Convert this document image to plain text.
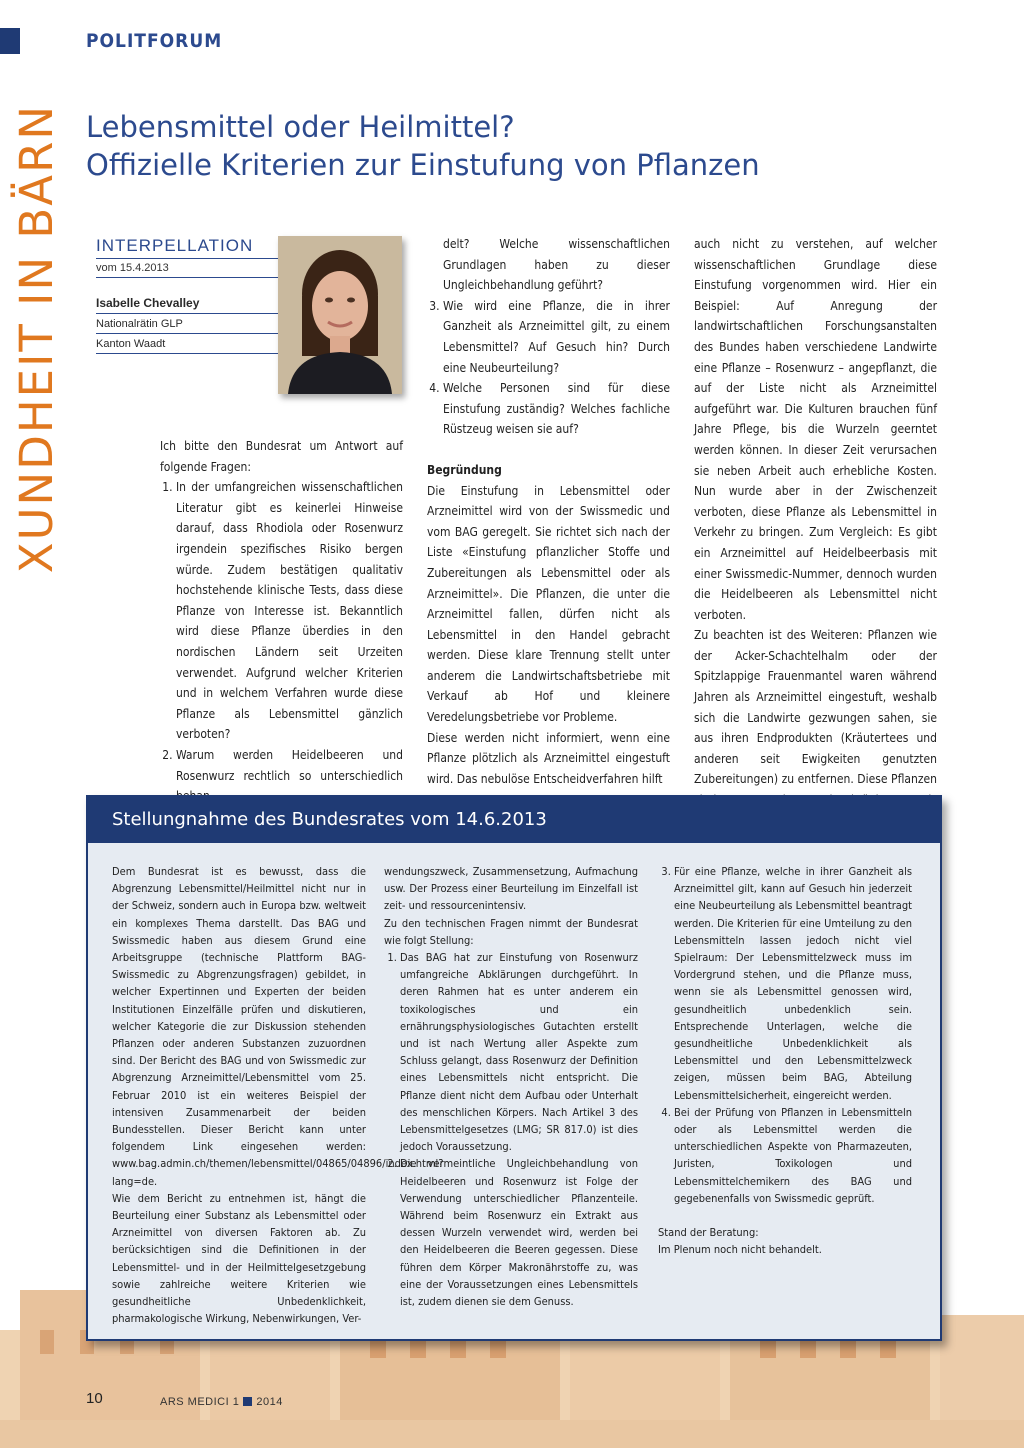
POLITFORUM
XUNDHEIT IN BÄRN Lebensmittel oder Heilmittel?
Offizielle Kriterien zur Einstufung von Pflanzen
INTERPELLATION
vom 15.4.2013
Isabelle Chevalley
Nationalrätin GLP
Kanton Waadt

Ich bitte den Bundesrat um Antwort auf folgende Fragen:

1. In der umfangreichen wissenschaftlichen Literatur gibt es keinerlei Hinweise darauf, dass Rhodiola oder Rosenwurz irgendein spezifisches Risiko bergen würde. Zudem bestätigen qualitativ hochstehende klinische Tests, dass diese Pflanze von Interesse ist. Bekanntlich wird diese Pflanze überdies in den nordischen Ländern seit Urzeiten verwendet. Aufgrund welcher Kriterien und in welchem Verfahren wurde diese Pflanze als Lebensmittel gänzlich verboten?
2. Warum werden Heidelbeeren und Rosenwurz rechtlich so unterschiedlich

delt? Welche wissenschaftlichen Grundlagen haben zu dieser Ungleichbehandlung geführt?

3. Wie wird eine Pflanze, die in ihrer Ganzheit als Arzneimittel gilt, zu einem Lebensmittel? Auf Gesuch hin? Durch eine Neubeurteilung?
4. Welche Personen sind für diese Einstufung zuständig? Welches fachliche Rüstzeug weisen sie auf?

Begründung

Die Einstufung in Lebensmittel oder Arzneimittel wird von der Swissmedic und vom BAG geregelt. Sie richtet sich nach der Liste «Einstufung pflanzlicher Stoffe und Zubereitungen als Lebensmittel oder als Arzneimittel». Die Pflanzen, die unter die Arzneimittel fallen, dürfen nicht als Lebensmittel in den Handel gebracht werden. Diese klare Trennung stellt unter anderem die Landwirtschaftsbetriebe mit Verkauf ab Hof und kleinere Veredelungsbetriebe vor Probleme.

Diese werden nicht informiert, wenn eine Pflanze plötzlich als Arzneimittel eingestuft wird. Das nebulöse Entscheidverfahren hilft

auch nicht zu verstehen, auf welcher wissenschaftlichen Grundlage diese Einstufung vorgenommen wird. Hier ein Beispiel: Auf Anregung der landwirtschaftlichen Forschungsanstalten des Bundes haben verschiedene Landwirte eine Pflanze – Rosenwurz – angepflanzt, die auf der Liste nicht als Arzneimittel aufgeführt war. Die Kulturen brauchen fünf Jahre Pflege, bis die Wurzeln geerntet werden können. In dieser Zeit verursachen sie neben Arbeit auch erhebliche Kosten. Nun wurde aber in der Zwischenzeit verboten, diese Pflanze als Lebensmittel in Verkehr zu bringen. Zum Vergleich: Es gibt ein Arzneimittel auf Heidelbeerbasis mit einer Swissmedic-Nummer, dennoch wurden die Heidelbeeren als Lebensmittel nicht verboten.

Zu beachten ist des Weiteren: Pflanzen wie der Acker-Schachtelhalm oder der Spitzlappige Frauenmantel waren während Jahren als Arzneimittel eingestuft, weshalb sich die Landwirte gezwungen sahen, sie aus ihren Endprodukten (Kräutertees und anderen seit Ewigkeiten genutzten Zubereitungen) zu entfernen. Diese Pflanzen

Stellungnahme des Bundesrates vom 14.6.2013

Dem Bundesrat ist es bewusst, dass die Abgrenzung Lebensmittel/Heilmittel nicht nur in der Schweiz, sondern auch in Europa bzw. weltweit ein komplexes Thema darstellt. Das BAG und Swissmedic haben aus diesem Grund eine Arbeitsgruppe (technische Plattform BAG-Swissmedic zu Abgrenzungsfragen) gebildet, in welcher Expertinnen und Experten der beiden Institutionen Einzelfälle prüfen und diskutieren, welcher Kategorie die zur Diskussion stehenden Pflanzen oder anderen Substanzen zuzuordnen sind. Der Bericht des BAG und von Swissmedic zur Abgrenzung Arzneimittel/Lebensmittel vom 25. Februar 2010 ist ein weiteres Beispiel der intensiven Zusammenarbeit der beiden Bundesstellen. Dieser Bericht kann unter folgendem Link eingesehen werden: www.bag.admin.ch/themen/lebensmittel/04865/04896/index.html?lang=de.

Wie dem Bericht zu entnehmen ist, hängt die Beurteilung einer Substanz als Lebensmittel oder Arzneimittel von diversen Faktoren ab. Zu berücksichtigen sind die Definitionen in der Lebensmittel- und in der Heilmittelgesetzgebung sowie zahlreiche weitere Kriterien wie gesundheitliche Unbedenklichkeit, pharmakologische Wirkung, Nebenwirkungen, Ver-

wendungszweck, Zusammensetzung, Aufmachung usw. Der Prozess einer Beurteilung im Einzelfall ist zeit- und ressourcenintensiv.

Zu den technischen Fragen nimmt der Bundesrat wie folgt Stellung:

1. Das BAG hat zur Einstufung von Rosenwurz umfangreiche Abklärungen durchgeführt. In deren Rahmen hat es unter anderem ein toxikologisches und ein ernährungsphysiologisches Gutachten erstellt und ist nach Wertung aller Aspekte zum Schluss gelangt, dass Rosenwurz der Definition eines Lebensmittels nicht entspricht. Die Pflanze dient nicht dem Aufbau oder Unterhalt des menschlichen Körpers. Nach Artikel 3 des Lebensmittelgesetzes (LMG; SR 817.0) ist dies jedoch Voraussetzung.
2. Die vermeintliche Ungleichbehandlung von Heidelbeeren und Rosenwurz ist Folge der Verwendung unterschiedlicher Pflanzenteile. Während beim Rosenwurz ein Extrakt aus dessen Wurzeln verwendet wird, werden bei den Heidelbeeren die Beeren gegessen. Diese führen dem Körper Makronährstoffe zu, was eine der Voraussetzungen eines Lebensmittels ist, zudem dienen sie dem Genuss.
3. Für eine Pflanze, welche in ihrer Ganzheit als Arzneimittel gilt, kann auf Gesuch hin jederzeit eine Neubeurteilung als Lebensmittel beantragt werden. Die Kriterien für eine Umteilung zu den Lebensmitteln lassen jedoch nicht viel Spielraum: Der Lebensmittelzweck muss im Vordergrund stehen, und die Pflanze muss, wenn sie als Lebensmittel genossen wird, gesundheitlich unbedenklich sein. Entsprechende Unterlagen, welche die gesundheitliche Unbedenklichkeit als Lebensmittel und den Lebensmittelzweck zeigen, müssen beim BAG, Abteilung Lebensmittelsicherheit, eingereicht werden.
4. Bei der Prüfung von Pflanzen in Lebensmitteln oder als Lebensmittel werden die unterschiedlichen Aspekte von Pharmazeuten, Juristen, Toxikologen und Lebensmittelchemikern des BAG und gegebenenfalls von Swissmedic geprüft.

Stand der Beratung:

Im Plenum noch nicht behandelt.

10	ARS MEDICI 1 2014
